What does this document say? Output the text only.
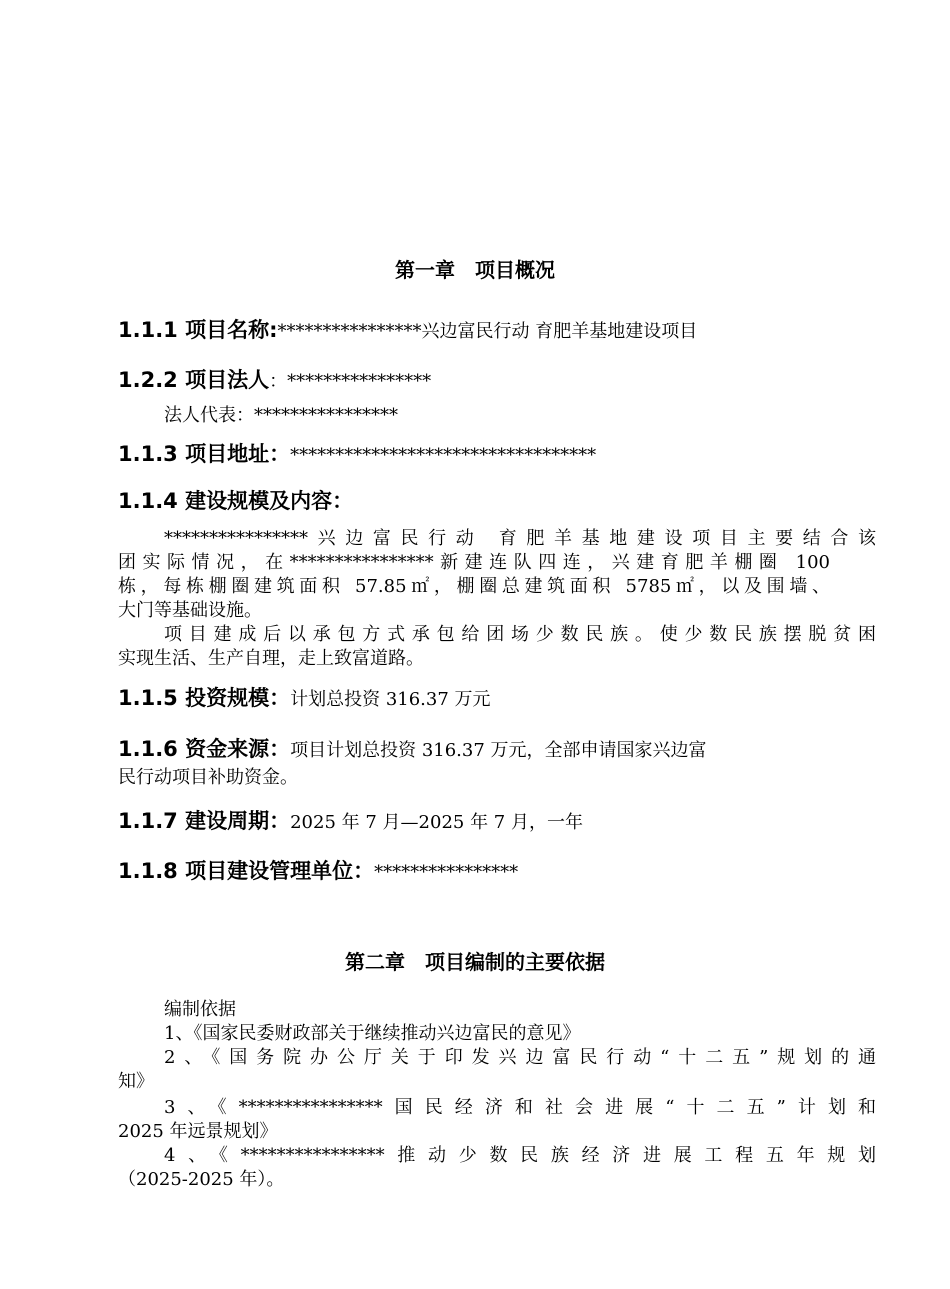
第一章　项目概况
1.1.1 项目名称:****************兴边富民行动 育肥羊基地建设项目
1.2.2 项目法人：****************
法人代表：****************
1.1.3 项目地址：**********************************
1.1.4 建设规模及内容：
****************兴边富民行动 育肥羊基地建设项目主要结合该
团实际情况，在****************新建连队四连，兴建育肥羊棚圈 100
栋，每栋棚圈建筑面积 57.85㎡，棚圈总建筑面积 5785㎡，以及围墙、
大门等基础设施。
项目建成后以承包方式承包给团场少数民族。使少数民族摆脱贫困
实现生活、生产自理，走上致富道路。
1.1.5 投资规模：计划总投资 316.37 万元
1.1.6 资金来源：项目计划总投资 316.37 万元，全部申请国家兴边富
民行动项目补助资金。
1.1.7 建设周期：2025 年 7 月—2025 年 7 月，一年
1.1.8 项目建设管理单位：****************
第二章　项目编制的主要依据
编制依据
1、《国家民委财政部关于继续推动兴边富民的意见》
2、《国务院办公厅关于印发兴边富民行动“十二五”规划的通
知》
3、《****************国民经济和社会进展“十二五”计划和
2025 年远景规划》
4、《****************推动少数民族经济进展工程五年规划
（2025-2025 年）。
